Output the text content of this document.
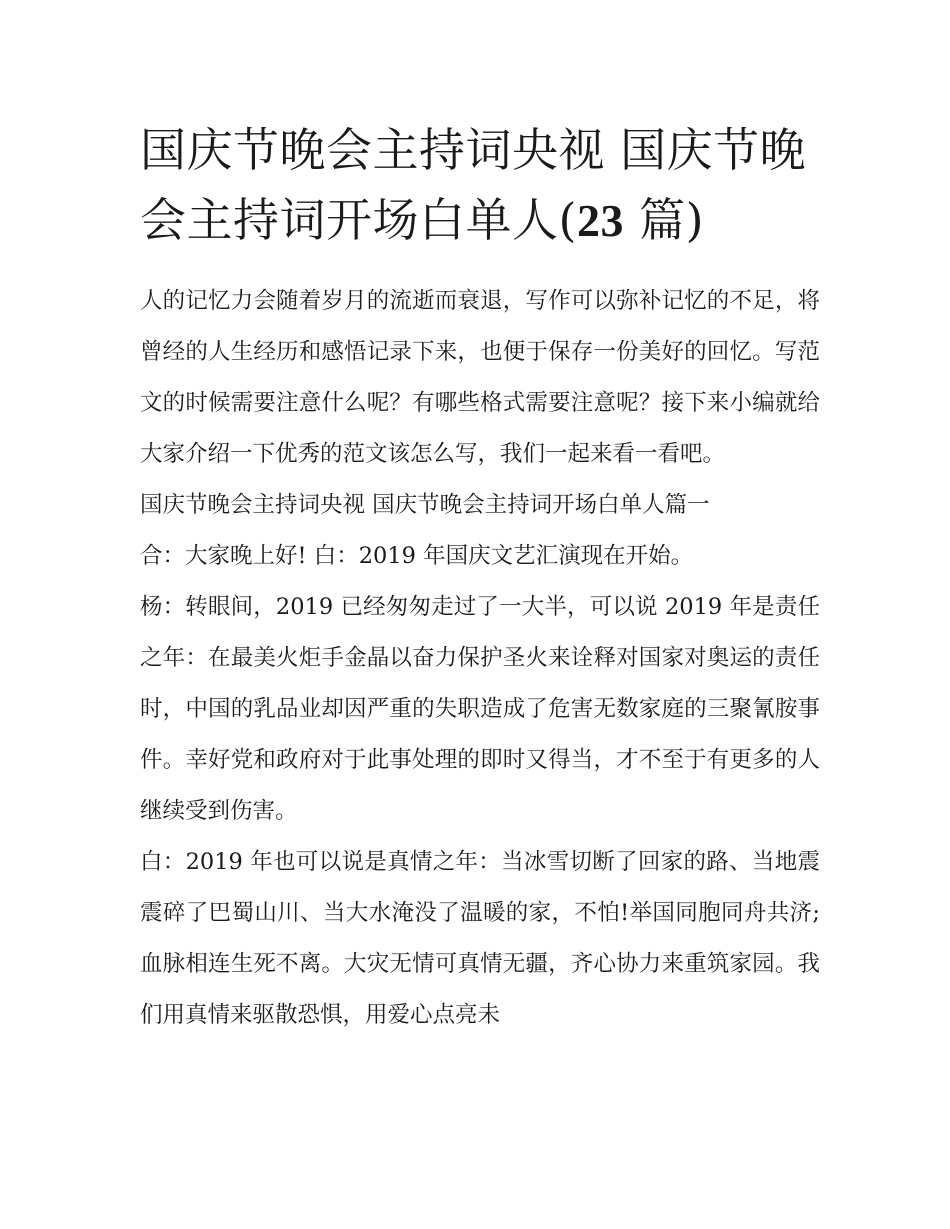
国庆节晚会主持词央视 国庆节晚会主持词开场白单人(23 篇)

人的记忆力会随着岁月的流逝而衰退，写作可以弥补记忆的不足，将曾经的人生经历和感悟记录下来，也便于保存一份美好的回忆。写范文的时候需要注意什么呢？有哪些格式需要注意呢？接下来小编就给大家介绍一下优秀的范文该怎么写，我们一起来看一看吧。

国庆节晚会主持词央视 国庆节晚会主持词开场白单人篇一

合：大家晚上好! 白：2019 年国庆文艺汇演现在开始。

杨：转眼间，2019 已经匆匆走过了一大半，可以说 2019 年是责任之年：在最美火炬手金晶以奋力保护圣火来诠释对国家对奥运的责任时，中国的乳品业却因严重的失职造成了危害无数家庭的三聚氰胺事件。幸好党和政府对于此事处理的即时又得当，才不至于有更多的人继续受到伤害。

白：2019 年也可以说是真情之年：当冰雪切断了回家的路、当地震震碎了巴蜀山川、当大水淹没了温暖的家，不怕!举国同胞同舟共济;血脉相连生死不离。大灾无情可真情无疆，齐心协力来重筑家园。我们用真情来驱散恐惧，用爱心点亮未
